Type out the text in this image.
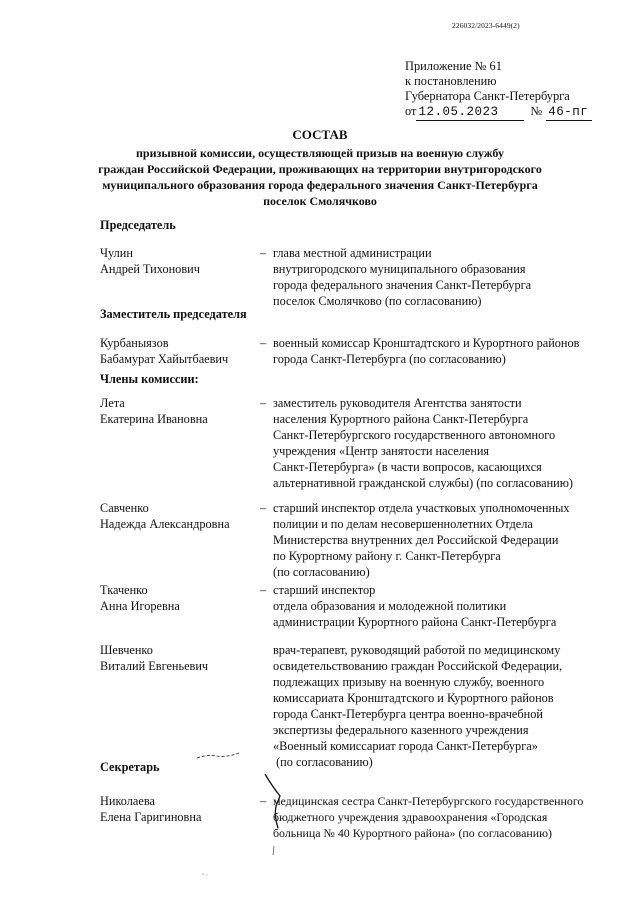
226032/2023-6449(2)
Приложение № 61
к постановлению
Губернатора Санкт-Петербурга
от 12.05.2023	№ 46-пг
СОСТАВ
призывной комиссии, осуществляющей призыв на военную службу
граждан Российской Федерации, проживающих на территории внутригородского
муниципального образования города федерального значения Санкт-Петербурга
поселок Смолячково
Председатель
Чулин
Андрей Тихонович
– глава местной администрации
внутригородского муниципального образования
города федерального значения Санкт-Петербурга
поселок Смолячково (по согласованию)
Заместитель председателя
Курбаныязов
Бабамурат Хайытбаевич
– военный комиссар Кронштадтского и Курортного районов
города Санкт-Петербурга (по согласованию)
Члены комиссии:
Лета
Екатерина Ивановна
– заместитель руководителя Агентства занятости
населения Курортного района Санкт-Петербурга
Санкт-Петербургского государственного автономного
учреждения «Центр занятости населения
Санкт-Петербурга» (в части вопросов, касающихся
альтернативной гражданской службы) (по согласованию)
Савченко
Надежда Александровна
– старший инспектор отдела участковых уполномоченных
полиции и по делам несовершеннолетних Отдела
Министерства внутренних дел Российской Федерации
по Курортному району г. Санкт-Петербурга
(по согласованию)
Ткаченко
Анна Игоревна
– старший инспектор
отдела образования и молодежной политики
администрации Курортного района Санкт-Петербурга
Шевченко
Виталий Евгеньевич
врач-терапевт, руководящий работой по медицинскому
освидетельствованию граждан Российской Федерации,
подлежащих призыву на военную службу, военного
комиссариата Кронштадтского и Курортного районов
города Санкт-Петербурга центра военно-врачебной
экспертизы федерального казенного учреждения
«Военный комиссариат города Санкт-Петербурга»
(по согласованию)
Секретарь
Николаева
Елена Гаригиновна
– медицинская сестра Санкт-Петербургского государственного
бюджетного учреждения здравоохранения «Городская
больница № 40 Курортного района» (по согласованию)
